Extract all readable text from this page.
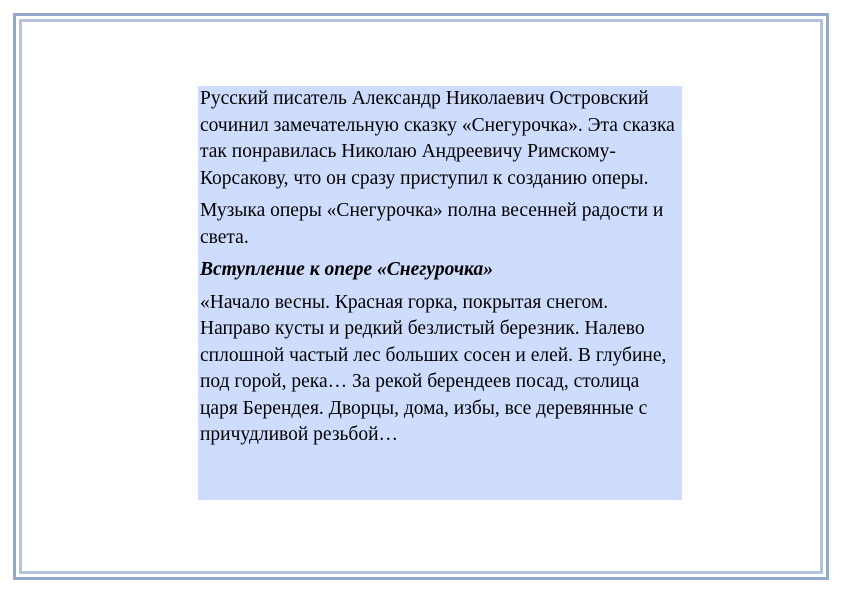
Русский писатель Александр Николаевич Островский сочинил замечательную сказку «Снегурочка». Эта сказка так понравилась Николаю Андреевичу Римскому-Корсакову, что он сразу приступил к созданию оперы.

Музыка оперы «Снегурочка» полна весенней радости и света.

Вступление к опере «Снегурочка»

«Начало весны. Красная горка, покрытая снегом. Направо кусты и редкий безлистый березник. Налево сплошной частый лес больших сосен и елей. В глубине, под горой, река… За рекой берендеев посад, столица царя Берендея. Дворцы, дома, избы, все деревянные с причудливой резьбой…
